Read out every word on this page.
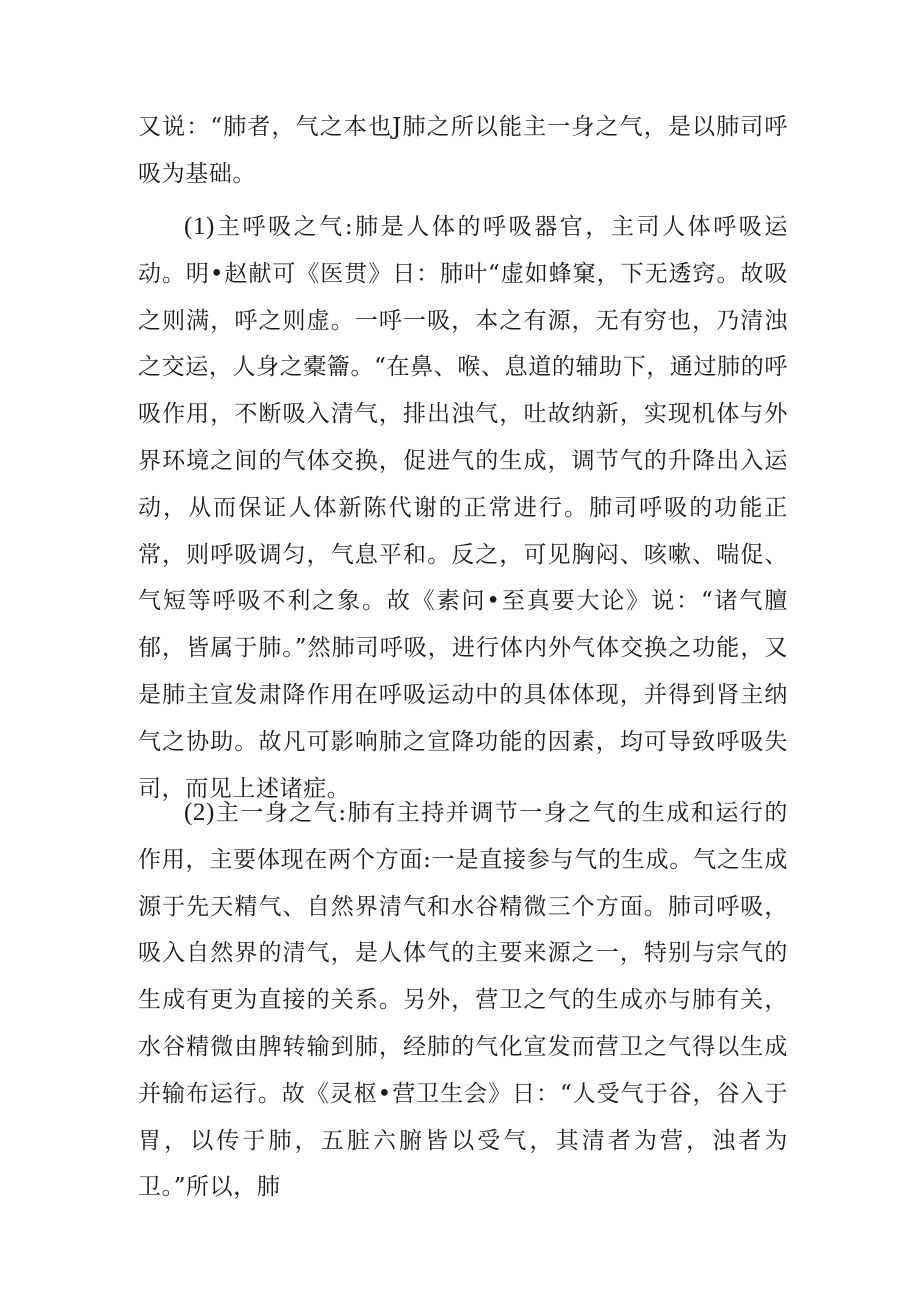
又说：“肺者，气之本也J肺之所以能主一身之气，是以肺司呼吸为基础。

(1)主呼吸之气:肺是人体的呼吸器官，主司人体呼吸运动。明•赵献可《医贯》日：肺叶“虚如蜂窠，下无透窍。故吸之则满，呼之则虚。一呼一吸，本之有源，无有穷也，乃清浊之交运，人身之橐籥。“在鼻、喉、息道的辅助下，通过肺的呼吸作用，不断吸入清气，排出浊气，吐故纳新，实现机体与外界环境之间的气体交换，促进气的生成，调节气的升降出入运动，从而保证人体新陈代谢的正常进行。肺司呼吸的功能正常，则呼吸调匀，气息平和。反之，可见胸闷、咳嗽、喘促、气短等呼吸不利之象。故《素问•至真要大论》说：“诸气膻郁，皆属于肺。”然肺司呼吸，进行体内外气体交换之功能，又是肺主宣发肃降作用在呼吸运动中的具体体现，并得到肾主纳气之协助。故凡可影响肺之宣降功能的因素，均可导致呼吸失司，而见上述诸症。

(2)主一身之气:肺有主持并调节一身之气的生成和运行的作用，主要体现在两个方面:一是直接参与气的生成。气之生成源于先天精气、自然界清气和水谷精微三个方面。肺司呼吸，吸入自然界的清气，是人体气的主要来源之一，特别与宗气的生成有更为直接的关系。另外，营卫之气的生成亦与肺有关，水谷精微由脾转输到肺，经肺的气化宣发而营卫之气得以生成并输布运行。故《灵枢•营卫生会》日：“人受气于谷，谷入于胃，以传于肺，五脏六腑皆以受气，其清者为营，浊者为卫。”所以，肺
